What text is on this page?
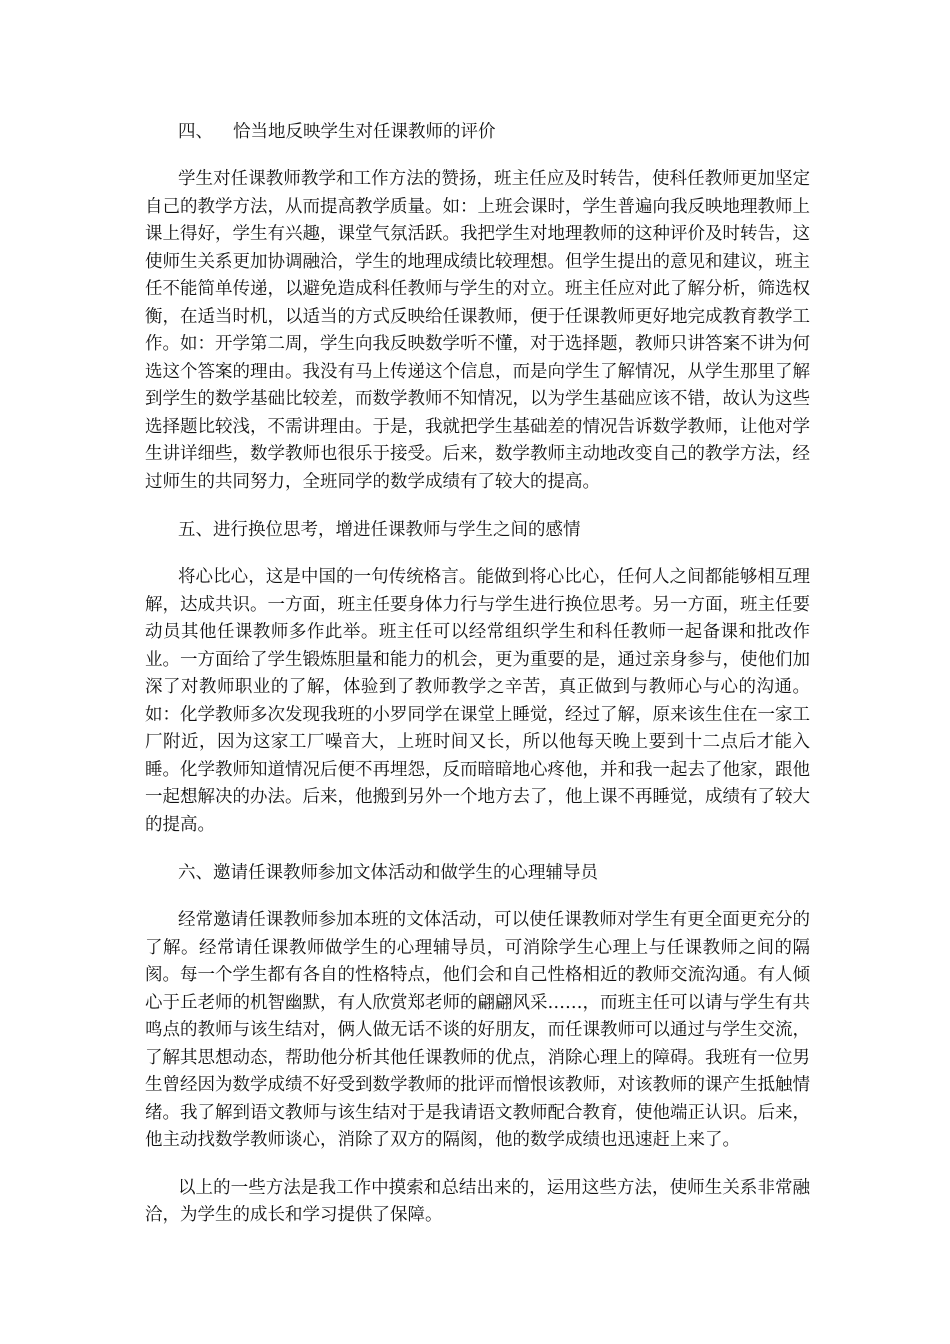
四、 恰当地反映学生对任课教师的评价

学生对任课教师教学和工作方法的赞扬，班主任应及时转告，使科任教师更加坚定自己的教学方法，从而提高教学质量。如：上班会课时，学生普遍向我反映地理教师上课上得好，学生有兴趣，课堂气氛活跃。我把学生对地理教师的这种评价及时转告，这使师生关系更加协调融洽，学生的地理成绩比较理想。但学生提出的意见和建议，班主任不能简单传递，以避免造成科任教师与学生的对立。班主任应对此了解分析，筛选权衡，在适当时机，以适当的方式反映给任课教师，便于任课教师更好地完成教育教学工作。如：开学第二周，学生向我反映数学听不懂，对于选择题，教师只讲答案不讲为何选这个答案的理由。我没有马上传递这个信息，而是向学生了解情况，从学生那里了解到学生的数学基础比较差，而数学教师不知情况，以为学生基础应该不错，故认为这些选择题比较浅，不需讲理由。于是，我就把学生基础差的情况告诉数学教师，让他对学生讲详细些，数学教师也很乐于接受。后来，数学教师主动地改变自己的教学方法，经过师生的共同努力，全班同学的数学成绩有了较大的提高。

五、进行换位思考，增进任课教师与学生之间的感情

将心比心，这是中国的一句传统格言。能做到将心比心，任何人之间都能够相互理解，达成共识。一方面，班主任要身体力行与学生进行换位思考。另一方面，班主任要动员其他任课教师多作此举。班主任可以经常组织学生和科任教师一起备课和批改作业。一方面给了学生锻炼胆量和能力的机会，更为重要的是，通过亲身参与，使他们加深了对教师职业的了解，体验到了教师教学之辛苦，真正做到与教师心与心的沟通。如：化学教师多次发现我班的小罗同学在课堂上睡觉，经过了解，原来该生住在一家工厂附近，因为这家工厂噪音大，上班时间又长，所以他每天晚上要到十二点后才能入睡。化学教师知道情况后便不再埋怨，反而暗暗地心疼他，并和我一起去了他家，跟他一起想解决的办法。后来，他搬到另外一个地方去了，他上课不再睡觉，成绩有了较大的提高。

六、邀请任课教师参加文体活动和做学生的心理辅导员

经常邀请任课教师参加本班的文体活动，可以使任课教师对学生有更全面更充分的了解。经常请任课教师做学生的心理辅导员，可消除学生心理上与任课教师之间的隔阂。每一个学生都有各自的性格特点，他们会和自己性格相近的教师交流沟通。有人倾心于丘老师的机智幽默，有人欣赏郑老师的翩翩风采……，而班主任可以请与学生有共鸣点的教师与该生结对，俩人做无话不谈的好朋友，而任课教师可以通过与学生交流，了解其思想动态，帮助他分析其他任课教师的优点，消除心理上的障碍。我班有一位男生曾经因为数学成绩不好受到数学教师的批评而憎恨该教师，对该教师的课产生抵触情绪。我了解到语文教师与该生结对于是我请语文教师配合教育，使他端正认识。后来，他主动找数学教师谈心，消除了双方的隔阂，他的数学成绩也迅速赶上来了。

以上的一些方法是我工作中摸索和总结出来的，运用这些方法，使师生关系非常融洽，为学生的成长和学习提供了保障。
